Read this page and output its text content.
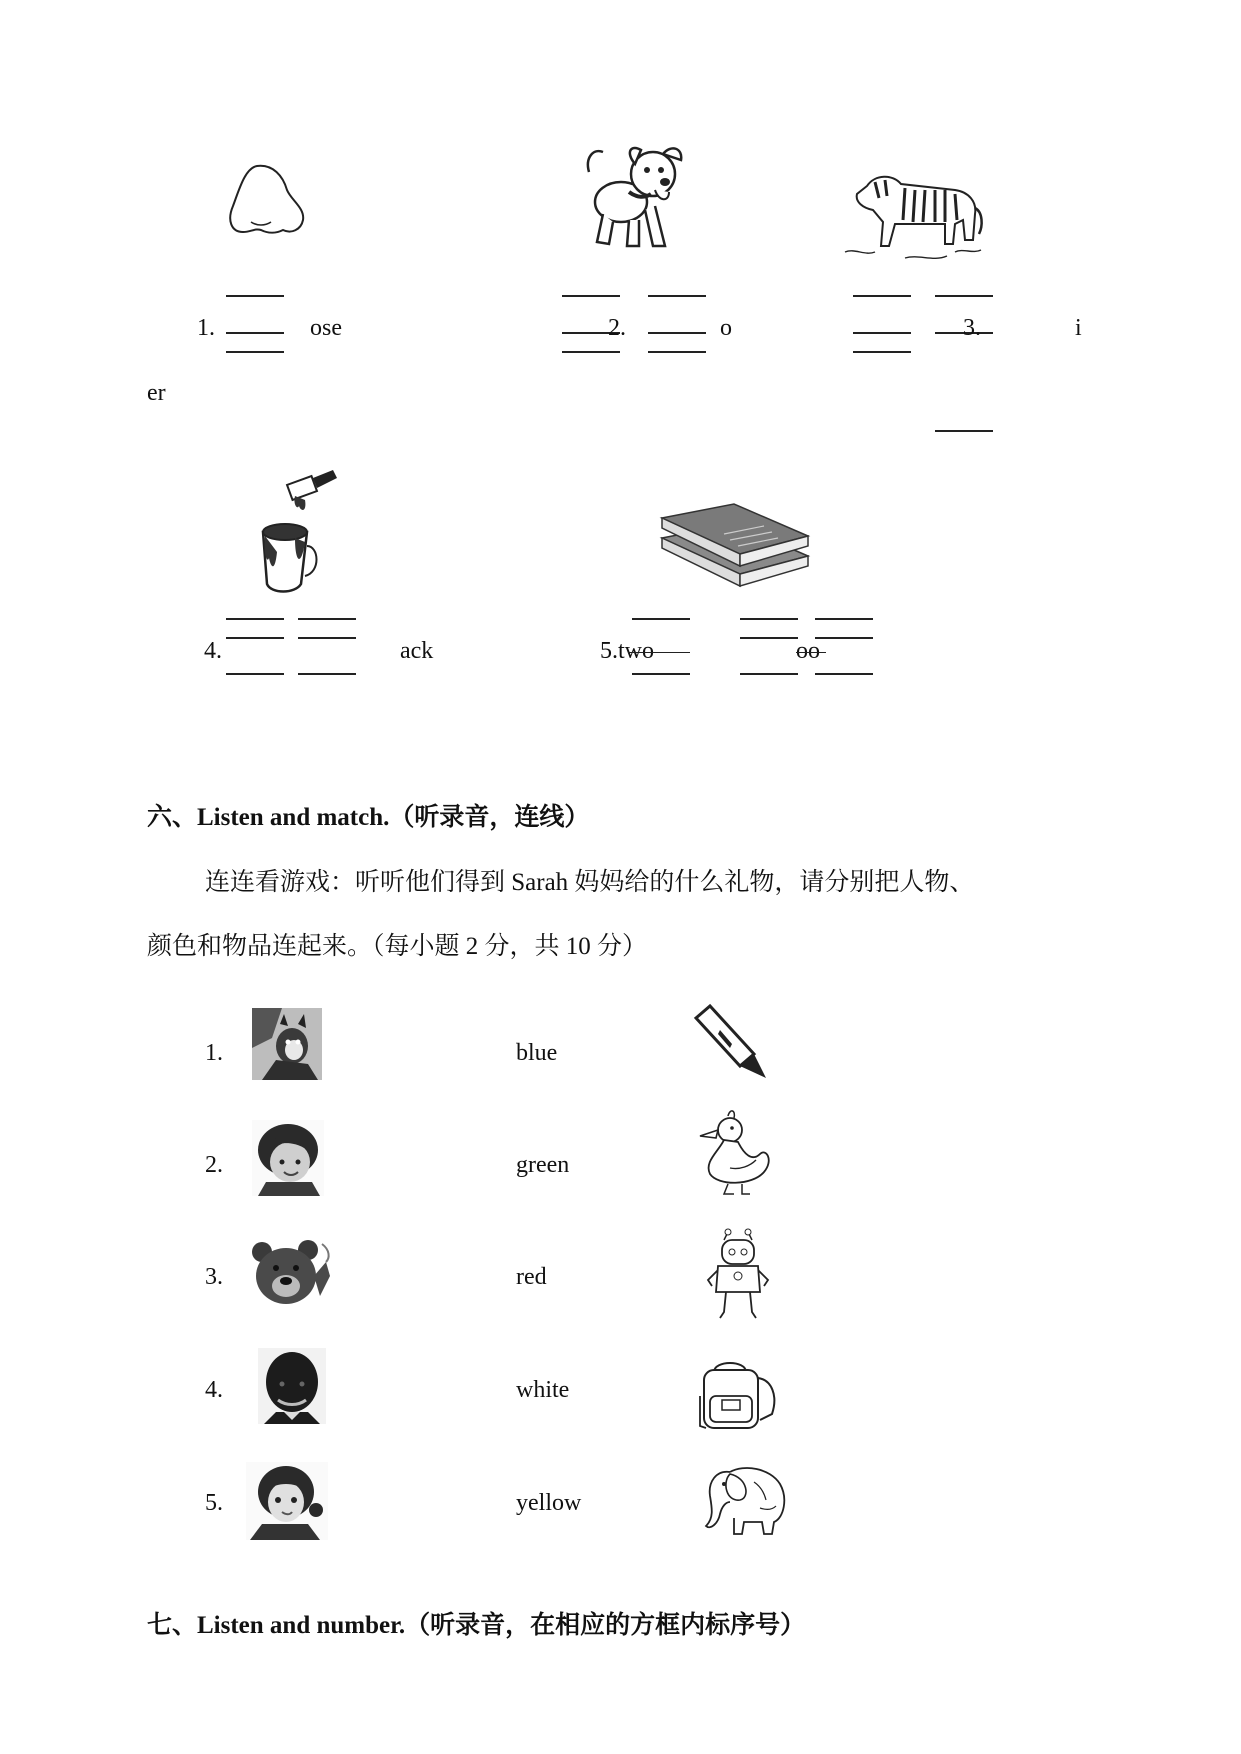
1.	ose	2.	o	3.	i
er
4.	ack	5.two	oo
六、Listen and match.（听录音，连线）
连连看游戏：听听他们得到 Sarah 妈妈给的什么礼物，请分别把人物、
颜色和物品连起来。（每小题 2 分，共 10 分）
1.	blue
2.	green
3.	red
4.	white
5.	yellow
七、Listen and number.（听录音，在相应的方框内标序号）
